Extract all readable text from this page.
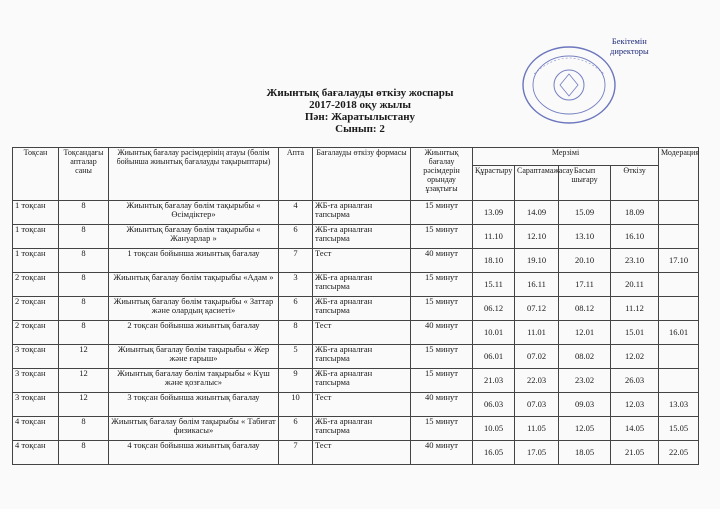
Бекітемін
директоры
Жиынтық бағалауды өткізу жоспары
2017-2018 оқу жылы
Пән: Жаратылыстану
Сынып: 2
Тоқсан	Тоқсандағы апталар саны	Жиынтық бағалау рәсімдерінің атауы (бөлім бойынша жиынтық бағалауды тақырыптары)	Апта	Бағалауды өткізу формасы	Жиынтық бағалау рәсімдерін орындау ұзақтығы	Мерзімі				Модерация
						Құрастыру	Сараптамажасау	Басып шығару	Өткізу	
1 тоқсан	8	Жиынтық бағалау бөлім тақырыбы « Өсімдіктер»	4	ЖБ-ға арналған тапсырма	15 минут	13.09	14.09	15.09	18.09	
1 тоқсан	8	Жиынтық бағалау бөлім тақырыбы « Жануарлар »	6	ЖБ-ға арналған тапсырма	15 минут	11.10	12.10	13.10	16.10	
1 тоқсан	8	1 тоқсан бойынша жиынтық бағалау	7	Тест	40 минут	18.10	19.10	20.10	23.10	17.10
2 тоқсан	8	Жиынтық бағалау бөлім тақырыбы «Адам »	3	ЖБ-ға арналған тапсырма	15 минут	15.11	16.11	17.11	20.11	
2 тоқсан	8	Жиынтық бағалау бөлім тақырыбы « Заттар және олардың қасиеті»	6	ЖБ-ға арналған тапсырма	15 минут	06.12	07.12	08.12	11.12	
2 тоқсан	8	2 тоқсан бойынша жиынтық бағалау	8	Тест	40 минут	10.01	11.01	12.01	15.01	16.01
3 тоқсан	12	Жиынтық бағалау бөлім тақырыбы « Жер және ғарыш»	5	ЖБ-ға арналған тапсырма	15 минут	06.01	07.02	08.02	12.02	
3 тоқсан	12	Жиынтық бағалау бөлім тақырыбы « Күш және қозғалыс»	9	ЖБ-ға арналған тапсырма	15 минут	21.03	22.03	23.02	26.03	
3 тоқсан	12	3 тоқсан бойынша жиынтық бағалау	10	Тест	40 минут	06.03	07.03	09.03	12.03	13.03
4 тоқсан	8	Жиынтық бағалау бөлім тақырыбы « Табиғат физикасы»	6	ЖБ-ға арналған тапсырма	15 минут	10.05	11.05	12.05	14.05	15.05
4 тоқсан	8	4 тоқсан бойынша жиынтық бағалау	7	Тест	40 минут	16.05	17.05	18.05	21.05	22.05
